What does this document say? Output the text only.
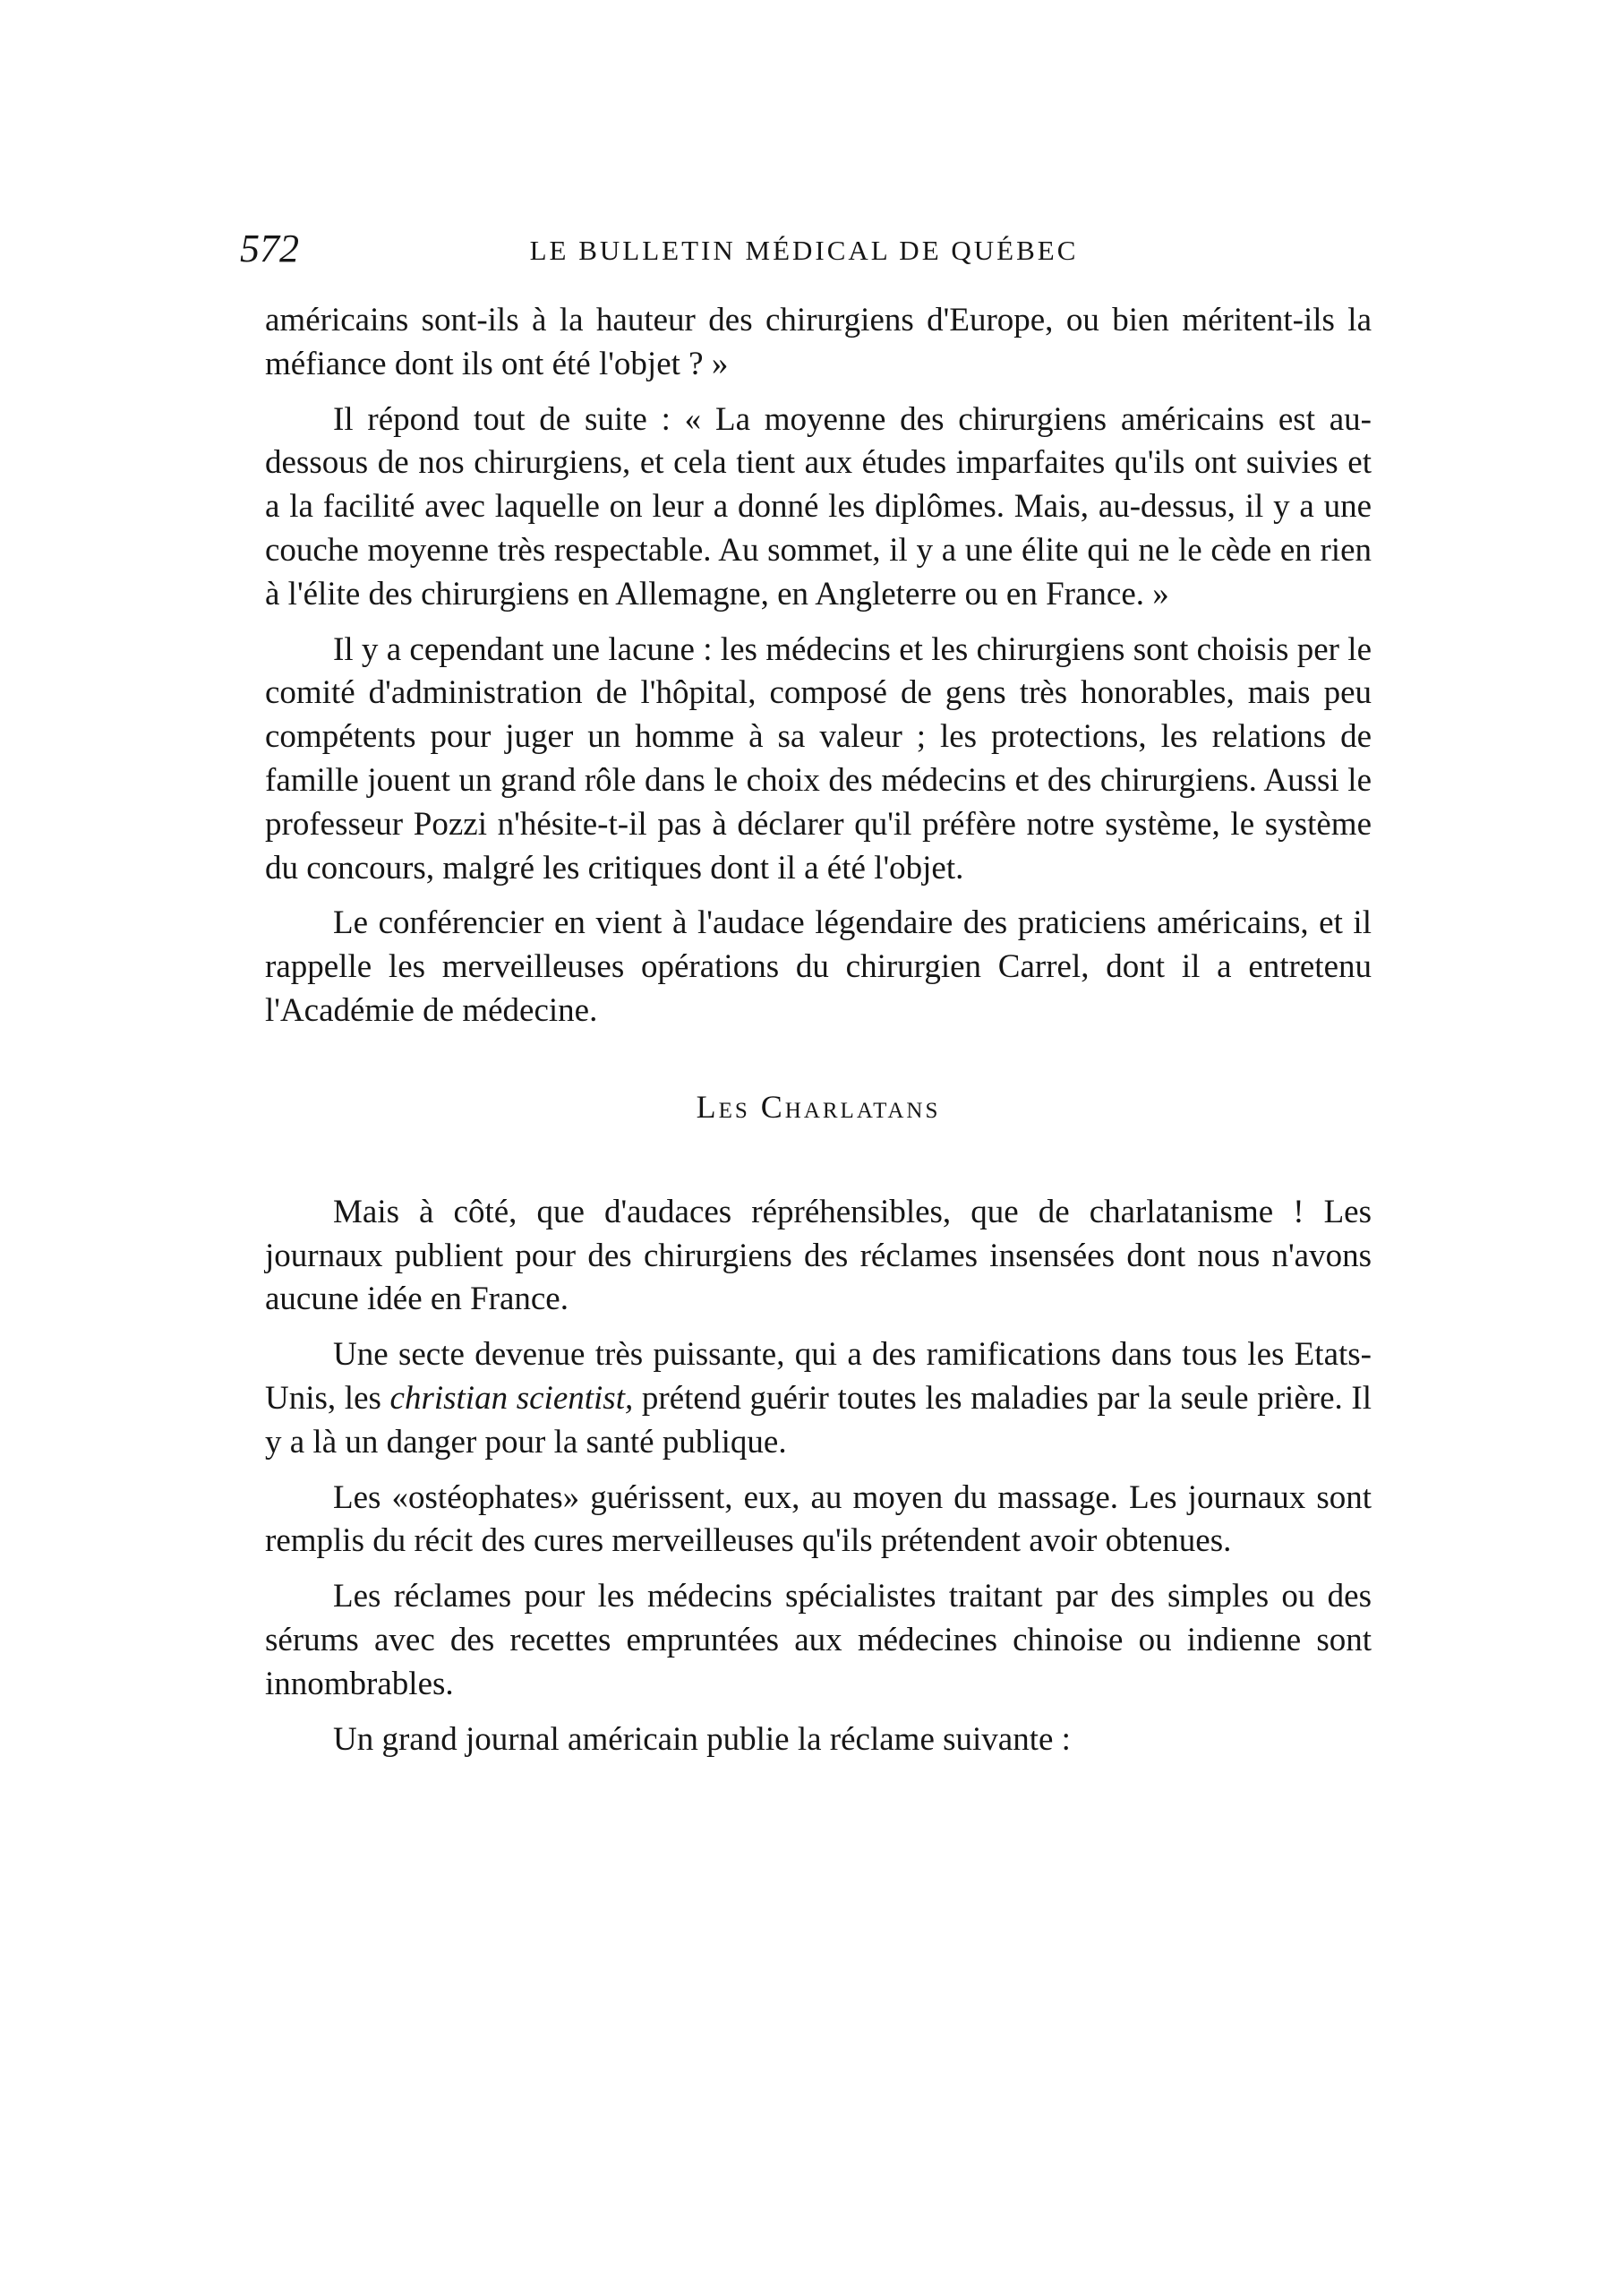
572	LE BULLETIN MÉDICAL DE QUÉBEC

américains sont-ils à la hauteur des chirurgiens d'Europe, ou bien méritent-ils la méfiance dont ils ont été l'objet ? »

Il répond tout de suite : « La moyenne des chirurgiens américains est au-dessous de nos chirurgiens, et cela tient aux études imparfaites qu'ils ont suivies et a la facilité avec laquelle on leur a donné les diplômes. Mais, au-dessus, il y a une couche moyenne très respectable. Au sommet, il y a une élite qui ne le cède en rien à l'élite des chirurgiens en Allemagne, en Angleterre ou en France. »

Il y a cependant une lacune : les médecins et les chirurgiens sont choisis per le comité d'administration de l'hôpital, composé de gens très honorables, mais peu compétents pour juger un homme à sa valeur ; les protections, les relations de famille jouent un grand rôle dans le choix des médecins et des chirurgiens. Aussi le professeur Pozzi n'hésite-t-il pas à déclarer qu'il préfère notre système, le système du concours, malgré les critiques dont il a été l'objet.

Le conférencier en vient à l'audace légendaire des praticiens américains, et il rappelle les merveilleuses opérations du chirurgien Carrel, dont il a entretenu l'Académie de médecine.

Les Charlatans

Mais à côté, que d'audaces répréhensibles, que de charlatanisme ! Les journaux publient pour des chirurgiens des réclames insensées dont nous n'avons aucune idée en France.

Une secte devenue très puissante, qui a des ramifications dans tous les Etats-Unis, les christian scientist, prétend guérir toutes les maladies par la seule prière. Il y a là un danger pour la santé publique.

Les «ostéophates» guérissent, eux, au moyen du massage. Les journaux sont remplis du récit des cures merveilleuses qu'ils prétendent avoir obtenues.

Les réclames pour les médecins spécialistes traitant par des simples ou des sérums avec des recettes empruntées aux médecines chinoise ou indienne sont innombrables.

Un grand journal américain publie la réclame suivante :
